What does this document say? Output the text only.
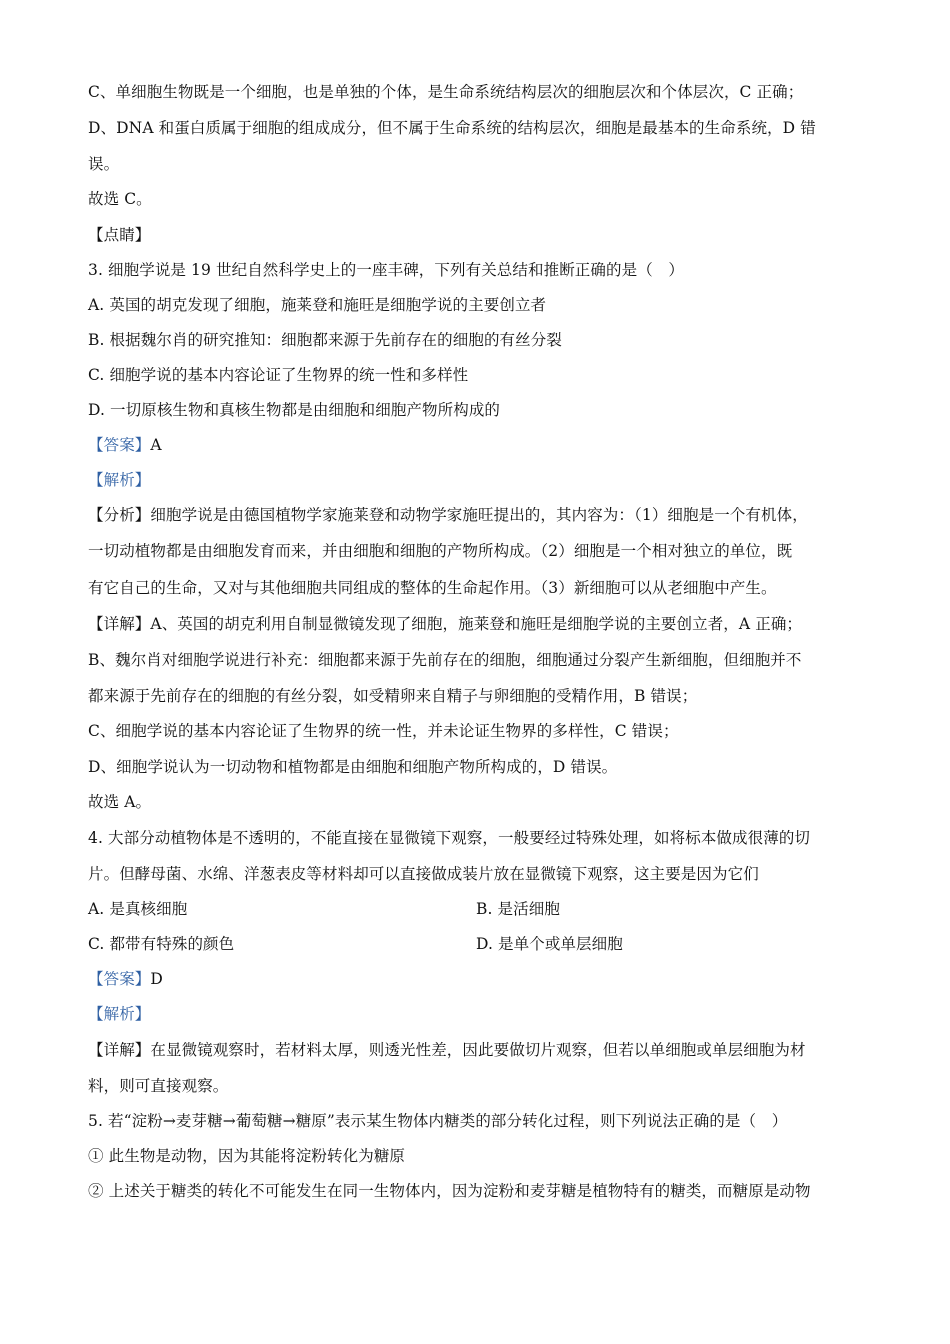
C、单细胞生物既是一个细胞，也是单独的个体，是生命系统结构层次的细胞层次和个体层次，C 正确；
D、DNA 和蛋白质属于细胞的组成成分，但不属于生命系统的结构层次，细胞是最基本的生命系统，D 错
误。
故选 C。
【点睛】
3. 细胞学说是 19 世纪自然科学史上的一座丰碑，下列有关总结和推断正确的是（　）
A. 英国的胡克发现了细胞，施莱登和施旺是细胞学说的主要创立者
B. 根据魏尔肖的研究推知：细胞都来源于先前存在的细胞的有丝分裂
C. 细胞学说的基本内容论证了生物界的统一性和多样性
D. 一切原核生物和真核生物都是由细胞和细胞产物所构成的
【答案】A
【解析】
【分析】细胞学说是由德国植物学家施莱登和动物学家施旺提出的，其内容为：（1）细胞是一个有机体，
一切动植物都是由细胞发育而来，并由细胞和细胞的产物所构成。（2）细胞是一个相对独立的单位，既
有它自己的生命，又对与其他细胞共同组成的整体的生命起作用。（3）新细胞可以从老细胞中产生。
【详解】A、英国的胡克利用自制显微镜发现了细胞，施莱登和施旺是细胞学说的主要创立者，A 正确；
B、魏尔肖对细胞学说进行补充：细胞都来源于先前存在的细胞，细胞通过分裂产生新细胞，但细胞并不
都来源于先前存在的细胞的有丝分裂，如受精卵来自精子与卵细胞的受精作用，B 错误；
C、细胞学说的基本内容论证了生物界的统一性，并未论证生物界的多样性，C 错误；
D、细胞学说认为一切动物和植物都是由细胞和细胞产物所构成的，D 错误。
故选 A。
4. 大部分动植物体是不透明的，不能直接在显微镜下观察，一般要经过特殊处理，如将标本做成很薄的切
片。但酵母菌、水绵、洋葱表皮等材料却可以直接做成装片放在显微镜下观察，这主要是因为它们
A. 是真核细胞	B. 是活细胞
C. 都带有特殊的颜色	D. 是单个或单层细胞
【答案】D
【解析】
【详解】在显微镜观察时，若材料太厚，则透光性差，因此要做切片观察，但若以单细胞或单层细胞为材
料，则可直接观察。
5. 若“淀粉→麦芽糖→葡萄糖→糖原”表示某生物体内糖类的部分转化过程，则下列说法正确的是（　）
① 此生物是动物，因为其能将淀粉转化为糖原
② 上述关于糖类的转化不可能发生在同一生物体内，因为淀粉和麦芽糖是植物特有的糖类，而糖原是动物
